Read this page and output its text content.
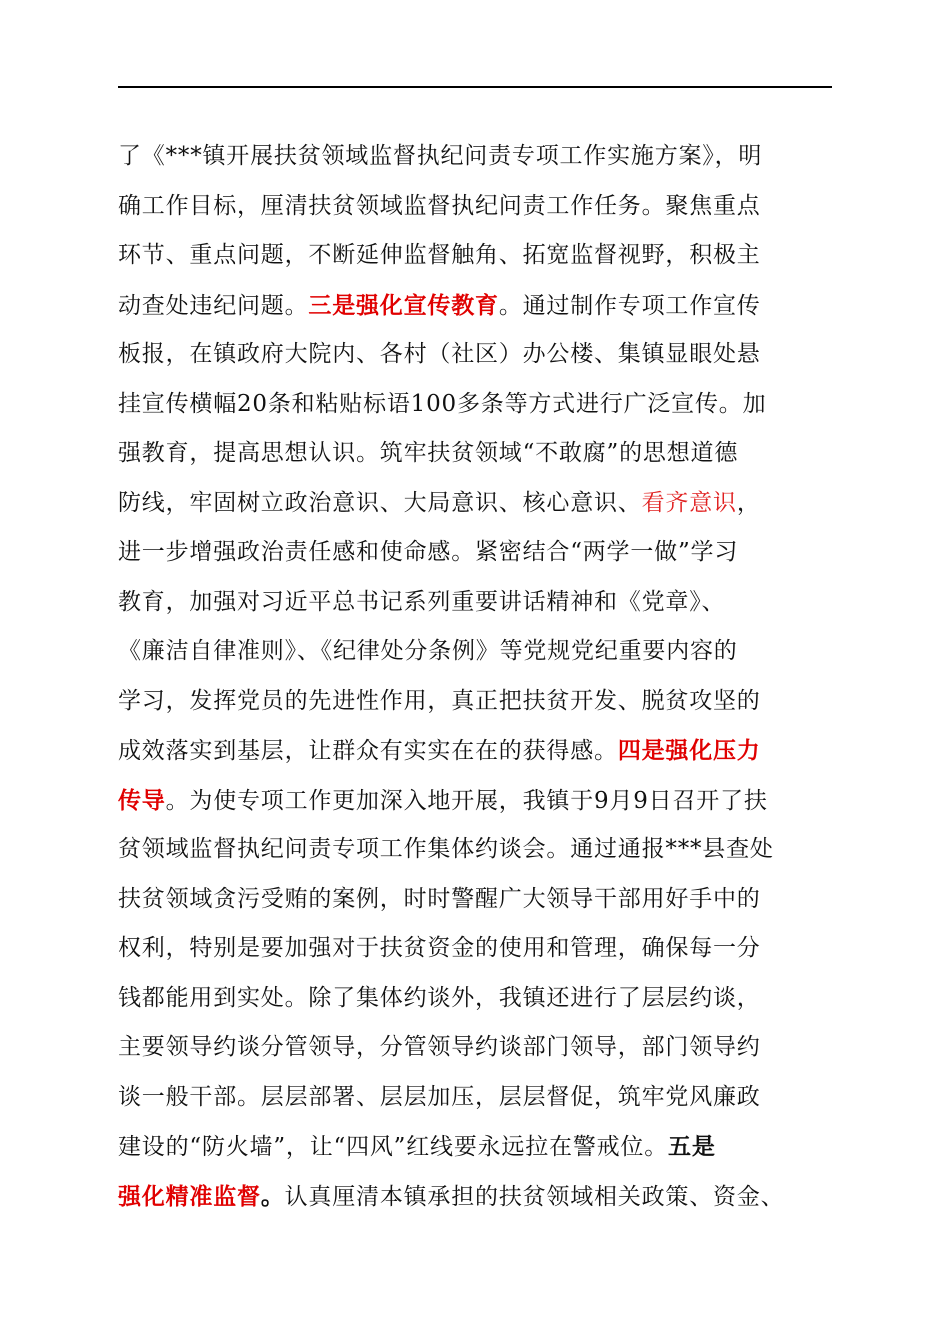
了《***镇开展扶贫领域监督执纪问责专项工作实施方案》，明
确工作目标，厘清扶贫领域监督执纪问责工作任务。聚焦重点
环节、重点问题，不断延伸监督触角、拓宽监督视野，积极主
动查处违纪问题。三是强化宣传教育。通过制作专项工作宣传
板报，在镇政府大院内、各村（社区）办公楼、集镇显眼处悬
挂宣传横幅20条和粘贴标语100多条等方式进行广泛宣传。加
强教育，提高思想认识。筑牢扶贫领域“不敢腐”的思想道德
防线，牢固树立政治意识、大局意识、核心意识、看齐意识，
进一步增强政治责任感和使命感。紧密结合“两学一做”学习
教育，加强对习近平总书记系列重要讲话精神和《党章》、
《廉洁自律准则》、《纪律处分条例》等党规党纪重要内容的
学习，发挥党员的先进性作用，真正把扶贫开发、脱贫攻坚的
成效落实到基层，让群众有实实在在的获得感。四是强化压力
传导。为使专项工作更加深入地开展，我镇于9月9日召开了扶
贫领域监督执纪问责专项工作集体约谈会。通过通报***县查处
扶贫领域贪污受贿的案例，时时警醒广大领导干部用好手中的
权利，特别是要加强对于扶贫资金的使用和管理，确保每一分
钱都能用到实处。除了集体约谈外，我镇还进行了层层约谈，
主要领导约谈分管领导，分管领导约谈部门领导，部门领导约
谈一般干部。层层部署、层层加压，层层督促，筑牢党风廉政
建设的“防火墙”，让“四风”红线要永远拉在警戒位。五是
强化精准监督。认真厘清本镇承担的扶贫领域相关政策、资金、
